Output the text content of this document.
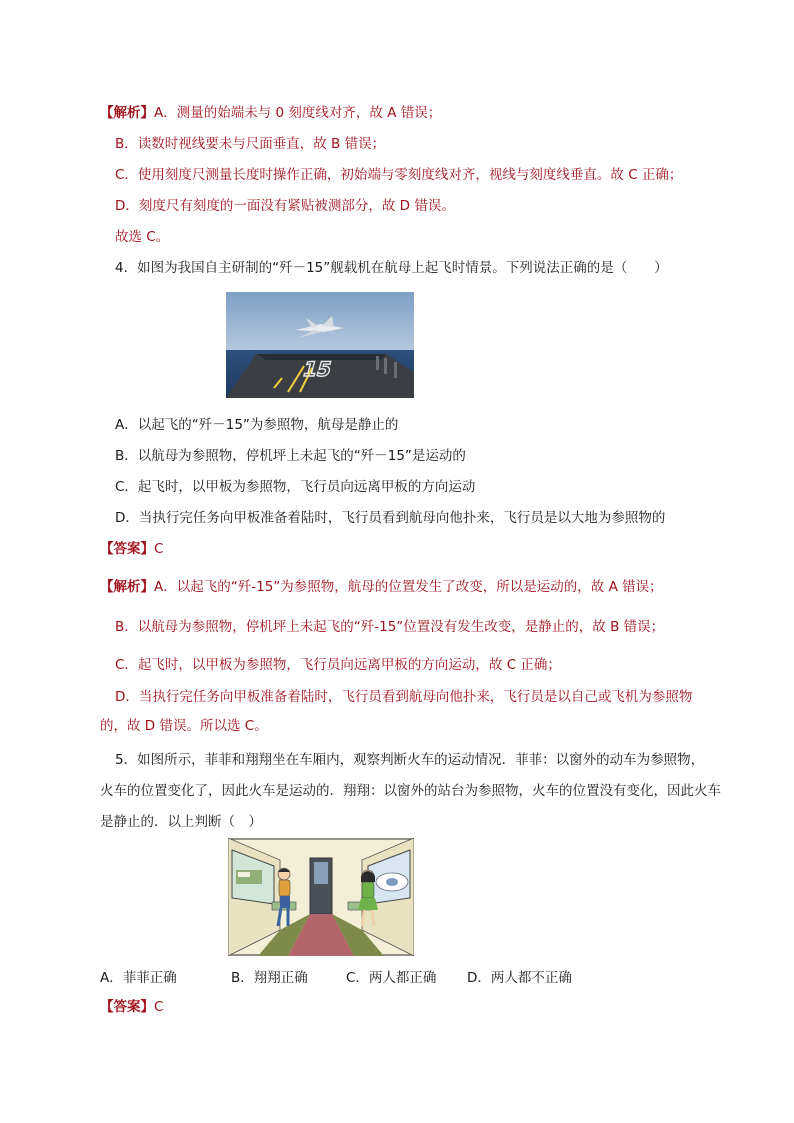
【解析】A．测量的始端未与 0 刻度线对齐，故 A 错误；
B．读数时视线要未与尺面垂直，故 B 错误；
C．使用刻度尺测量长度时操作正确，初始端与零刻度线对齐，视线与刻度线垂直。故 C 正确；
D．刻度尺有刻度的一面没有紧贴被测部分，故 D 错误。
故选 C。
4．如图为我国自主研制的“歼－15”舰载机在航母上起飞时情景。下列说法正确的是（　　）
15
A．以起飞的“歼－15”为参照物，航母是静止的
B．以航母为参照物，停机坪上未起飞的“歼－15”是运动的
C．起飞时，以甲板为参照物，飞行员向远离甲板的方向运动
D．当执行完任务向甲板准备着陆时，飞行员看到航母向他扑来，飞行员是以大地为参照物的
【答案】C
【解析】A．以起飞的“歼-15”为参照物，航母的位置发生了改变，所以是运动的，故 A 错误；
B．以航母为参照物，停机坪上未起飞的“歼-15”位置没有发生改变，是静止的，故 B 错误；
C．起飞时，以甲板为参照物，飞行员向远离甲板的方向运动，故 C 正确；
D．当执行完任务向甲板准备着陆时，飞行员看到航母向他扑来，飞行员是以自己或飞机为参照物
的，故 D 错误。所以选 C。
5．如图所示，菲菲和翔翔坐在车厢内，观察判断火车的运动情况．菲菲：以窗外的动车为参照物，
火车的位置变化了，因此火车是运动的．翔翔：以窗外的站台为参照物，火车的位置没有变化，因此火车
是静止的．以上判断（　）
A．菲菲正确	B．翔翔正确	C．两人都正确	D．两人都不正确
【答案】C
